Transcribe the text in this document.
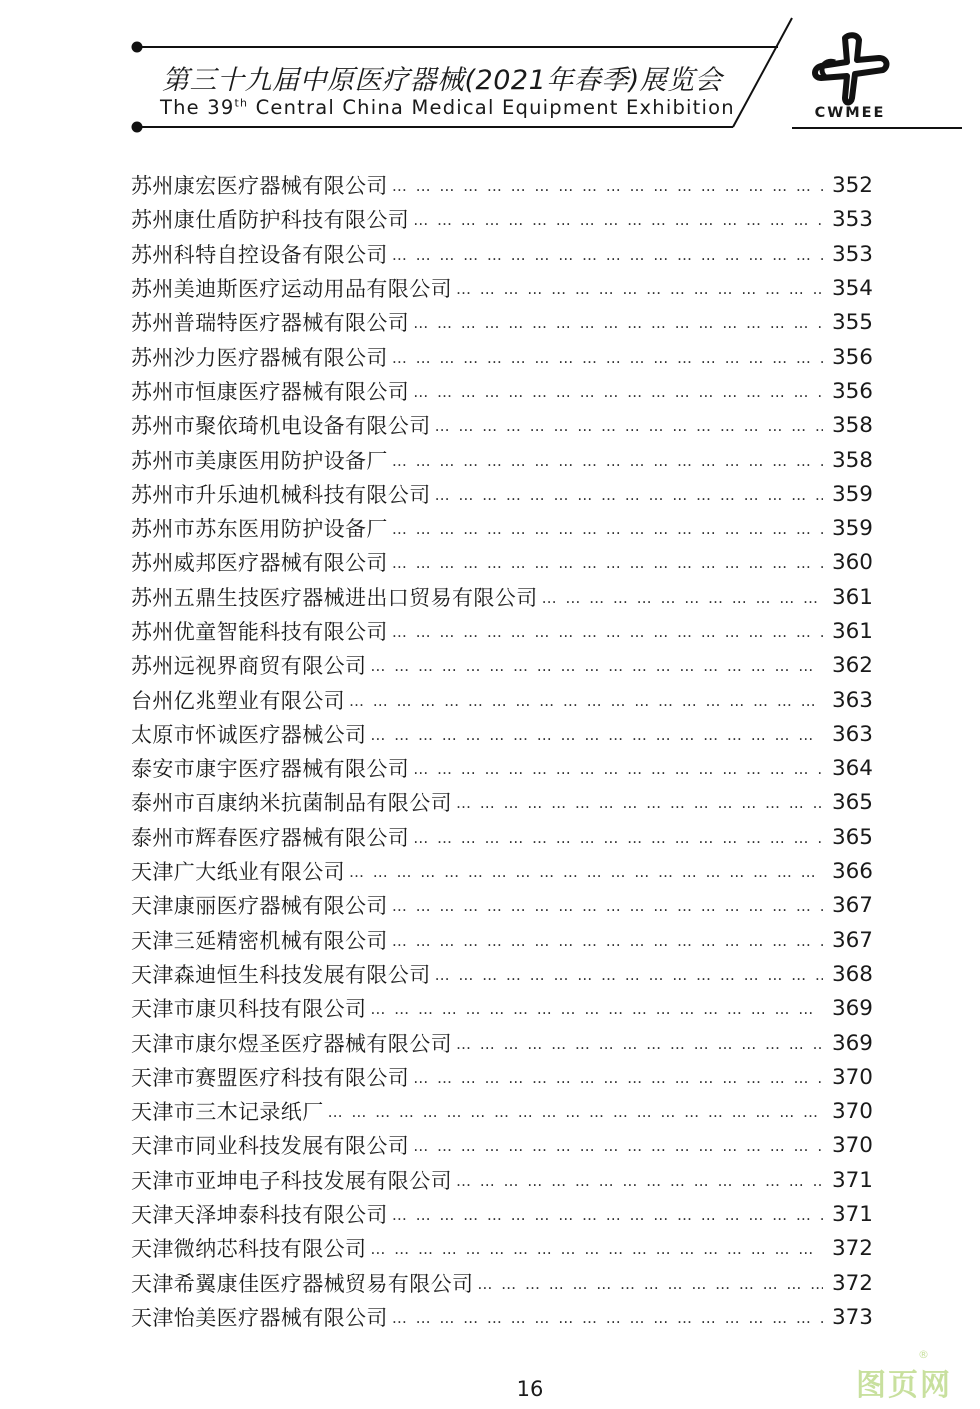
第三十九届中原医疗器械(2021年春季)展览会
The 39th Central China Medical Equipment Exhibition	CWMEE
苏州康宏医疗器械有限公司 … … … … … … … … … … … … … … … … … … … … … … … … … … … … … … … … … …	352
苏州康仕盾防护科技有限公司 … … … … … … … … … … … … … … … … … … … … … … … … … … … … … … … … … …	353
苏州科特自控设备有限公司 … … … … … … … … … … … … … … … … … … … … … … … … … … … … … … … … … …	353
苏州美迪斯医疗运动用品有限公司 … … … … … … … … … … … … … … … … … … … … … … … … … … … … … … … … … …	354
苏州普瑞特医疗器械有限公司 … … … … … … … … … … … … … … … … … … … … … … … … … … … … … … … … … …	355
苏州沙力医疗器械有限公司 … … … … … … … … … … … … … … … … … … … … … … … … … … … … … … … … … …	356
苏州市恒康医疗器械有限公司 … … … … … … … … … … … … … … … … … … … … … … … … … … … … … … … … … …	356
苏州市聚依琦机电设备有限公司 … … … … … … … … … … … … … … … … … … … … … … … … … … … … … … … … … …	358
苏州市美康医用防护设备厂 … … … … … … … … … … … … … … … … … … … … … … … … … … … … … … … … … …	358
苏州市升乐迪机械科技有限公司 … … … … … … … … … … … … … … … … … … … … … … … … … … … … … … … … … …	359
苏州市苏东医用防护设备厂 … … … … … … … … … … … … … … … … … … … … … … … … … … … … … … … … … …	359
苏州威邦医疗器械有限公司 … … … … … … … … … … … … … … … … … … … … … … … … … … … … … … … … … …	360
苏州五鼎生技医疗器械进出口贸易有限公司 … … … … … … … … … … … … … … … … … … … … … … … … … … … … … … … … … …	361
苏州优童智能科技有限公司 … … … … … … … … … … … … … … … … … … … … … … … … … … … … … … … … … …	361
苏州远视界商贸有限公司 … … … … … … … … … … … … … … … … … … … … … … … … … … … … … … … … … …	362
台州亿兆塑业有限公司 … … … … … … … … … … … … … … … … … … … … … … … … … … … … … … … … … …	363
太原市怀诚医疗器械公司 … … … … … … … … … … … … … … … … … … … … … … … … … … … … … … … … … …	363
泰安市康宇医疗器械有限公司 … … … … … … … … … … … … … … … … … … … … … … … … … … … … … … … … … …	364
泰州市百康纳米抗菌制品有限公司 … … … … … … … … … … … … … … … … … … … … … … … … … … … … … … … … … …	365
泰州市辉春医疗器械有限公司 … … … … … … … … … … … … … … … … … … … … … … … … … … … … … … … … … …	365
天津广大纸业有限公司 … … … … … … … … … … … … … … … … … … … … … … … … … … … … … … … … … …	366
天津康丽医疗器械有限公司 … … … … … … … … … … … … … … … … … … … … … … … … … … … … … … … … … …	367
天津三延精密机械有限公司 … … … … … … … … … … … … … … … … … … … … … … … … … … … … … … … … … …	367
天津森迪恒生科技发展有限公司 … … … … … … … … … … … … … … … … … … … … … … … … … … … … … … … … … …	368
天津市康贝科技有限公司 … … … … … … … … … … … … … … … … … … … … … … … … … … … … … … … … … …	369
天津市康尔煜圣医疗器械有限公司 … … … … … … … … … … … … … … … … … … … … … … … … … … … … … … … … … …	369
天津市赛盟医疗科技有限公司 … … … … … … … … … … … … … … … … … … … … … … … … … … … … … … … … … …	370
天津市三木记录纸厂 … … … … … … … … … … … … … … … … … … … … … … … … … … … … … … … … … …	370
天津市同业科技发展有限公司 … … … … … … … … … … … … … … … … … … … … … … … … … … … … … … … … … …	370
天津市亚坤电子科技发展有限公司 … … … … … … … … … … … … … … … … … … … … … … … … … … … … … … … … … …	371
天津天泽坤泰科技有限公司 … … … … … … … … … … … … … … … … … … … … … … … … … … … … … … … … … …	371
天津微纳芯科技有限公司 … … … … … … … … … … … … … … … … … … … … … … … … … … … … … … … … … …	372
天津希翼康佳医疗器械贸易有限公司 … … … … … … … … … … … … … … … … … … … … … … … … … … … … … … … … … …	372
天津怡美医疗器械有限公司 … … … … … … … … … … … … … … … … … … … … … … … … … … … … … … … … … …	373
16	图页网
®
